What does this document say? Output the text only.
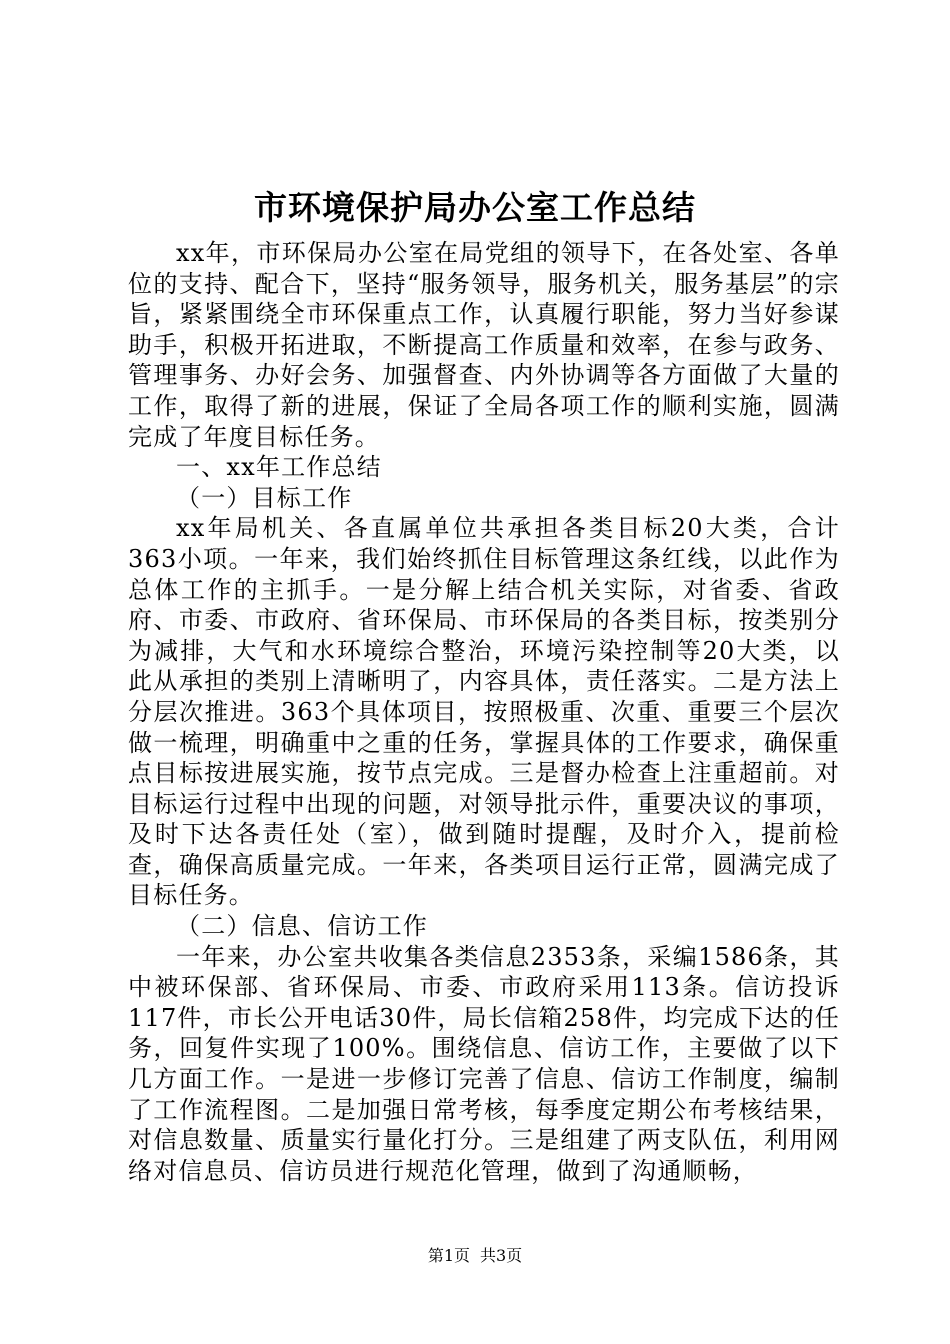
市环境保护局办公室工作总结

xx年，市环保局办公室在局党组的领导下，在各处室、各单位的支持、配合下，坚持“服务领导，服务机关，服务基层”的宗旨，紧紧围绕全市环保重点工作，认真履行职能，努力当好参谋助手，积极开拓进取，不断提高工作质量和效率，在参与政务、管理事务、办好会务、加强督查、内外协调等各方面做了大量的工作，取得了新的进展，保证了全局各项工作的顺利实施，圆满完成了年度目标任务。

一、xx年工作总结

（一）目标工作

xx年局机关、各直属单位共承担各类目标20大类，合计363小项。一年来，我们始终抓住目标管理这条红线，以此作为总体工作的主抓手。一是分解上结合机关实际，对省委、省政府、市委、市政府、省环保局、市环保局的各类目标，按类别分为减排，大气和水环境综合整治，环境污染控制等20大类，以此从承担的类别上清晰明了，内容具体，责任落实。二是方法上分层次推进。363个具体项目，按照极重、次重、重要三个层次做一梳理，明确重中之重的任务，掌握具体的工作要求，确保重点目标按进展实施，按节点完成。三是督办检查上注重超前。对目标运行过程中出现的问题，对领导批示件，重要决议的事项，及时下达各责任处（室），做到随时提醒，及时介入，提前检查，确保高质量完成。一年来，各类项目运行正常，圆满完成了目标任务。

（二）信息、信访工作

一年来，办公室共收集各类信息2353条，采编1586条，其中被环保部、省环保局、市委、市政府采用113条。信访投诉117件，市长公开电话30件，局长信箱258件，均完成下达的任务，回复件实现了100%。围绕信息、信访工作，主要做了以下几方面工作。一是进一步修订完善了信息、信访工作制度，编制了工作流程图。二是加强日常考核，每季度定期公布考核结果，对信息数量、质量实行量化打分。三是组建了两支队伍，利用网络对信息员、信访员进行规范化管理，做到了沟通顺畅，

第1页 共3页
